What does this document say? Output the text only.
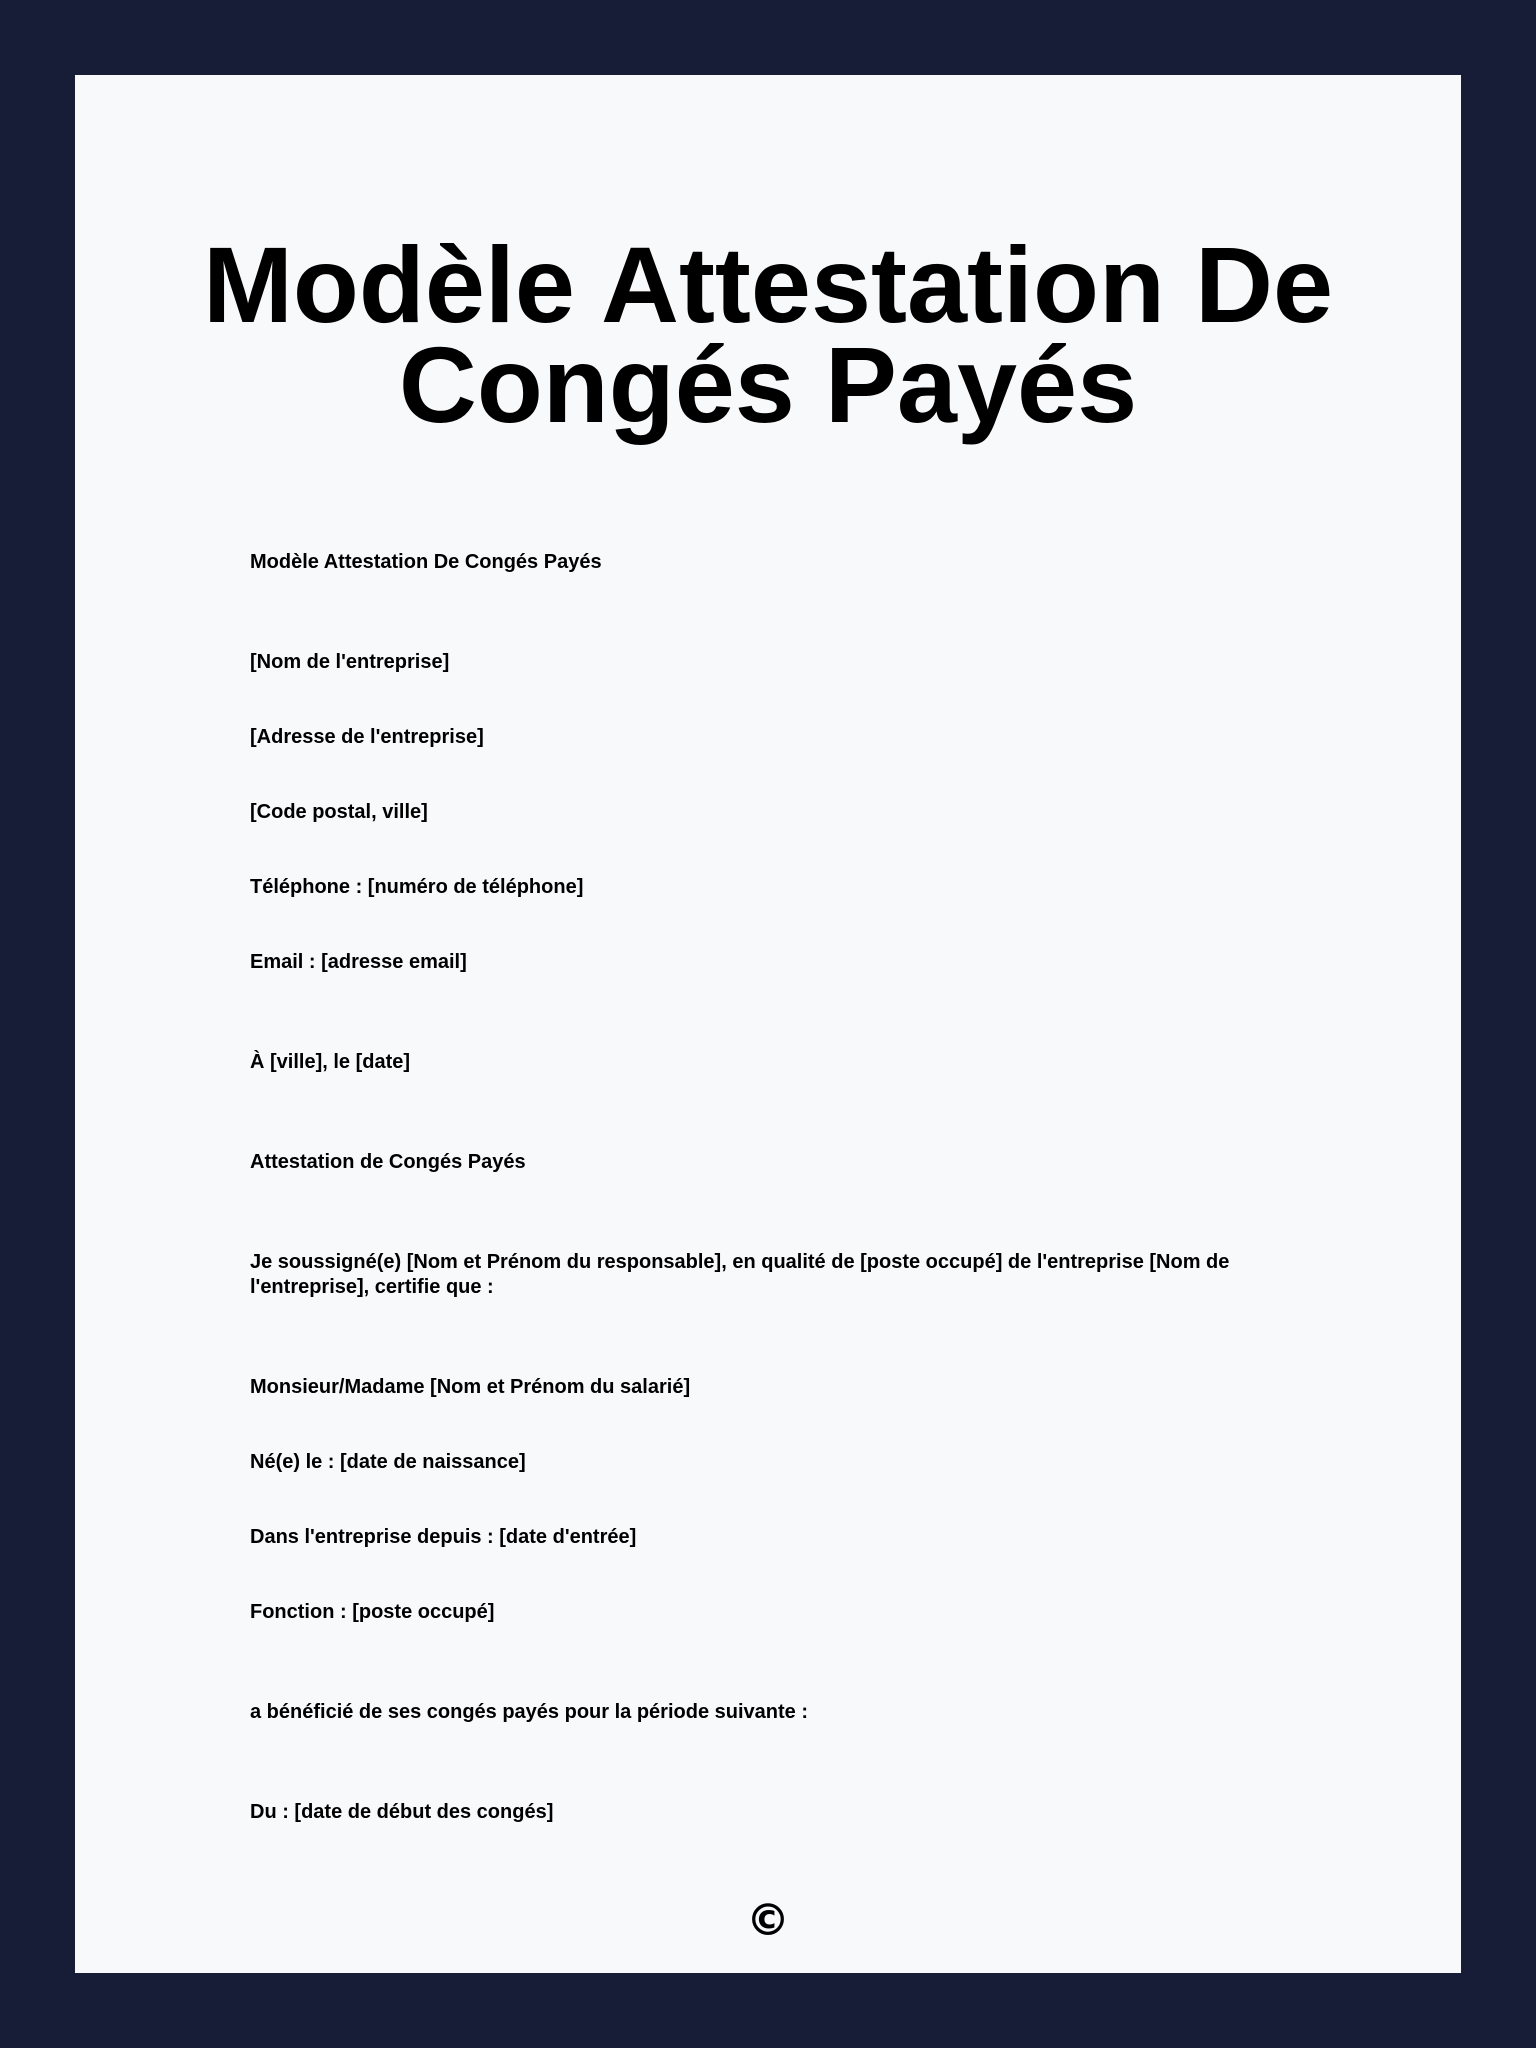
Modèle Attestation De Congés Payés

Modèle Attestation De Congés Payés

[Nom de l'entreprise]

[Adresse de l'entreprise]

[Code postal, ville]

Téléphone : [numéro de téléphone]

Email : [adresse email]

À [ville], le [date]

Attestation de Congés Payés

Je soussigné(e) [Nom et Prénom du responsable], en qualité de [poste occupé] de l'entreprise [Nom de l'entreprise], certifie que :

Monsieur/Madame [Nom et Prénom du salarié]

Né(e) le : [date de naissance]

Dans l'entreprise depuis : [date d'entrée]

Fonction : [poste occupé]

a bénéficié de ses congés payés pour la période suivante :

Du : [date de début des congés]

©
